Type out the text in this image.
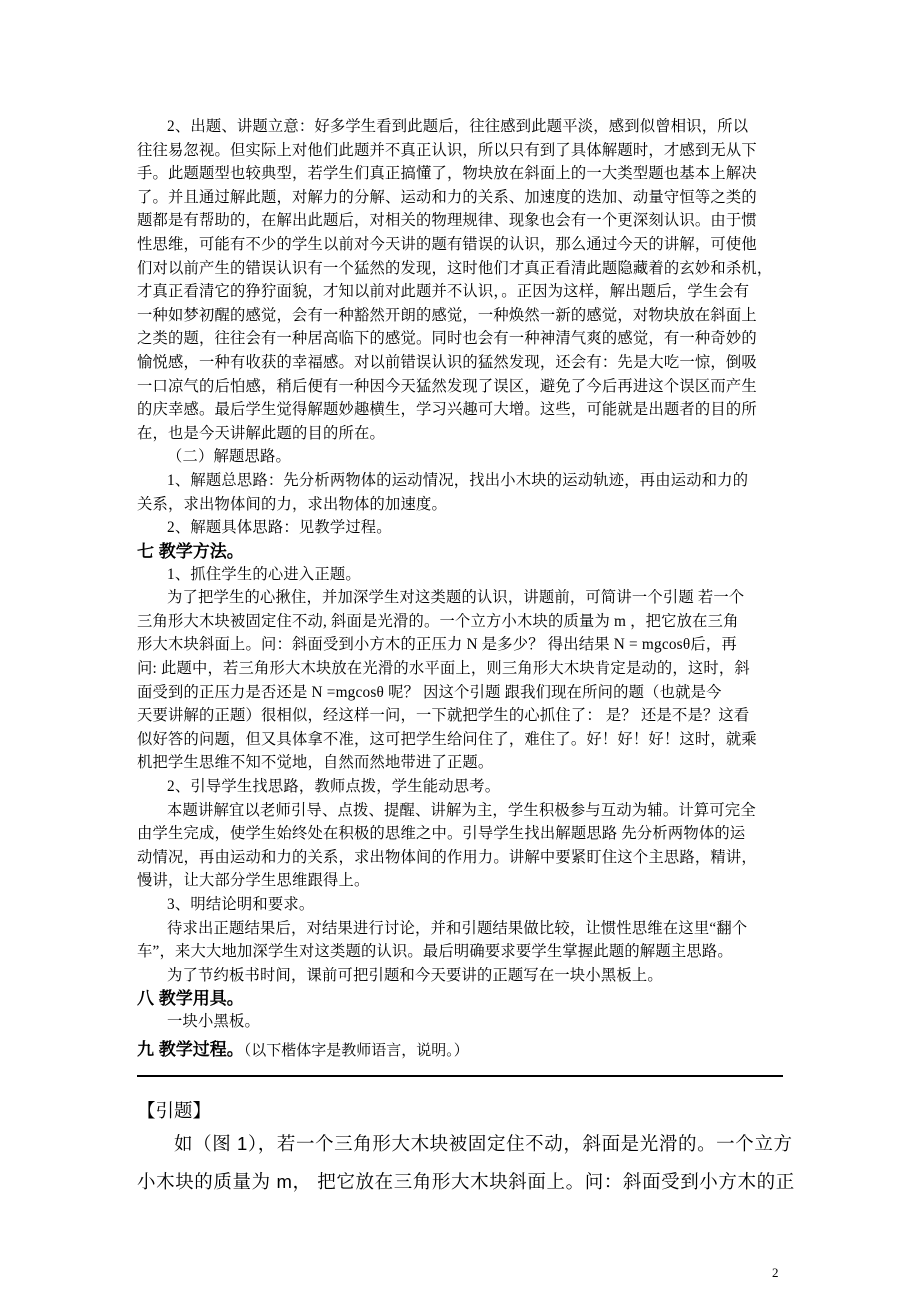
2、出题、讲题立意：好多学生看到此题后，往往感到此题平淡，感到似曾相识，所以
往往易忽视。但实际上对他们此题并不真正认识，所以只有到了具体解题时，才感到无从下
手。此题题型也较典型，若学生们真正搞懂了，物块放在斜面上的一大类型题也基本上解决
了。并且通过解此题，对解力的分解、运动和力的关系、加速度的迭加、动量守恒等之类的
题都是有帮助的，在解出此题后，对相关的物理规律、现象也会有一个更深刻认识。由于惯
性思维，可能有不少的学生以前对今天讲的题有错误的认识，那么通过今天的讲解，可使他
们对以前产生的错误认识有一个猛然的发现，这时他们才真正看清此题隐藏着的玄妙和杀机，
才真正看清它的狰狞面貌，才知以前对此题并不认识，。正因为这样，解出题后，学生会有
一种如梦初醒的感觉，会有一种豁然开朗的感觉，一种焕然一新的感觉，对物块放在斜面上
之类的题，往往会有一种居高临下的感觉。同时也会有一种神清气爽的感觉，有一种奇妙的
愉悦感，一种有收获的幸福感。对以前错误认识的猛然发现，还会有：先是大吃一惊，倒吸
一口凉气的后怕感，稍后便有一种因今天猛然发现了误区，避免了今后再进这个误区而产生
的庆幸感。最后学生觉得解题妙趣横生，学习兴趣可大增。这些，可能就是出题者的目的所
在，也是今天讲解此题的目的所在。
（二）解题思路。
1、解题总思路：先分析两物体的运动情况，找出小木块的运动轨迹，再由运动和力的
关系，求出物体间的力，求出物体的加速度。
2、解题具体思路：见教学过程。
七 教学方法。
1、抓住学生的心进入正题。
为了把学生的心揪住，并加深学生对这类题的认识，讲题前，可简讲一个引题 若一个
三角形大木块被固定住不动, 斜面是光滑的。一个立方小木块的质量为 m ，把它放在三角
形大木块斜面上。问：斜面受到小方木的正压力 N 是多少？ 得出结果 N = mgcosθ后，再
问: 此题中，若三角形大木块放在光滑的水平面上，则三角形大木块肯定是动的，这时，斜
面受到的正压力是否还是 N =mgcosθ 呢？ 因这个引题 跟我们现在所问的题（也就是今
天要讲解的正题）很相似，经这样一问，一下就把学生的心抓住了： 是？ 还是不是？这看
似好答的问题，但又具体拿不准，这可把学生给问住了，难住了。好！好！好！这时，就乘
机把学生思维不知不觉地，自然而然地带进了正题。
2、引导学生找思路，教师点拨，学生能动思考。
本题讲解宜以老师引导、点拨、提醒、讲解为主，学生积极参与互动为辅。计算可完全
由学生完成，使学生始终处在积极的思维之中。引导学生找出解题思路 先分析两物体的运
动情况，再由运动和力的关系，求出物体间的作用力。讲解中要紧盯住这个主思路，精讲，
慢讲，让大部分学生思维跟得上。
3、明结论明和要求。
待求出正题结果后，对结果进行讨论，并和引题结果做比较，让惯性思维在这里“翻个
车”，来大大地加深学生对这类题的认识。最后明确要求要学生掌握此题的解题主思路。
为了节约板书时间，课前可把引题和今天要讲的正题写在一块小黑板上。
八 教学用具。
一块小黑板。
九 教学过程。（以下楷体字是教师语言，说明。）
【引题】
如（图 1），若一个三角形大木块被固定住不动，斜面是光滑的。一个立方
小木块的质量为 m， 把它放在三角形大木块斜面上。问：斜面受到小方木的正
2
